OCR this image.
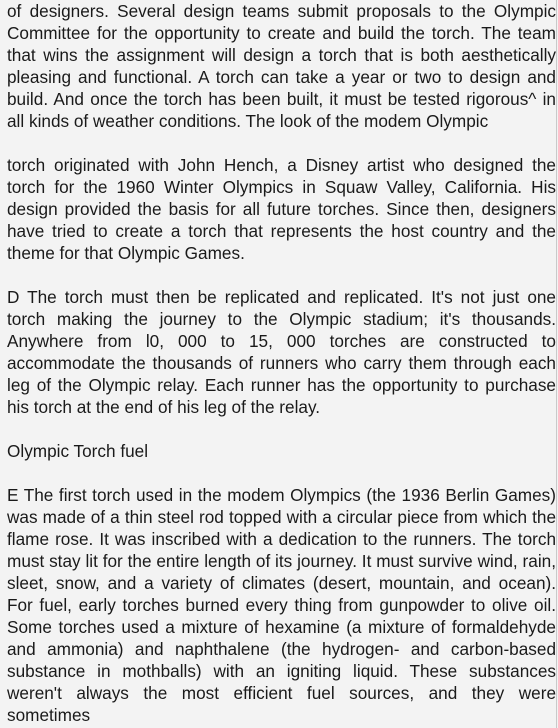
of designers. Several design teams submit proposals to the Olympic Committee for the opportunity to create and build the torch. The team that wins the assignment will design a torch that is both aesthetically pleasing and functional. A torch can take a year or two to design and build. And once the torch has been built, it must be tested rigorous^ in all kinds of weather conditions. The look of the modem Olympic

torch originated with John Hench, a Disney artist who designed the torch for the 1960 Winter Olympics in Squaw Valley, California. His design provided the basis for all future torches. Since then, designers have tried to create a torch that represents the host country and the theme for that Olympic Games.

D The torch must then be replicated and replicated. It's not just one torch making the journey to the Olympic stadium; it's thousands. Anywhere from l0, 000 to 15, 000 torches are constructed to accommodate the thousands of runners who carry them through each leg of the Olympic relay. Each runner has the opportunity to purchase his torch at the end of his leg of the relay.

Olympic Torch fuel

E The first torch used in the modem Olympics (the 1936 Berlin Games) was made of a thin steel rod topped with a circular piece from which the flame rose. It was inscribed with a dedication to the runners. The torch must stay lit for the entire length of its journey. It must survive wind, rain, sleet, snow, and a variety of climates (desert, mountain, and ocean). For fuel, early torches burned every thing from gunpowder to olive oil. Some torches used a mixture of hexamine (a mixture of formaldehyde and ammonia) and naphthalene (the hydrogen- and carbon-based substance in mothballs) with an igniting liquid. These substances weren't always the most efficient fuel sources, and they were sometimes
